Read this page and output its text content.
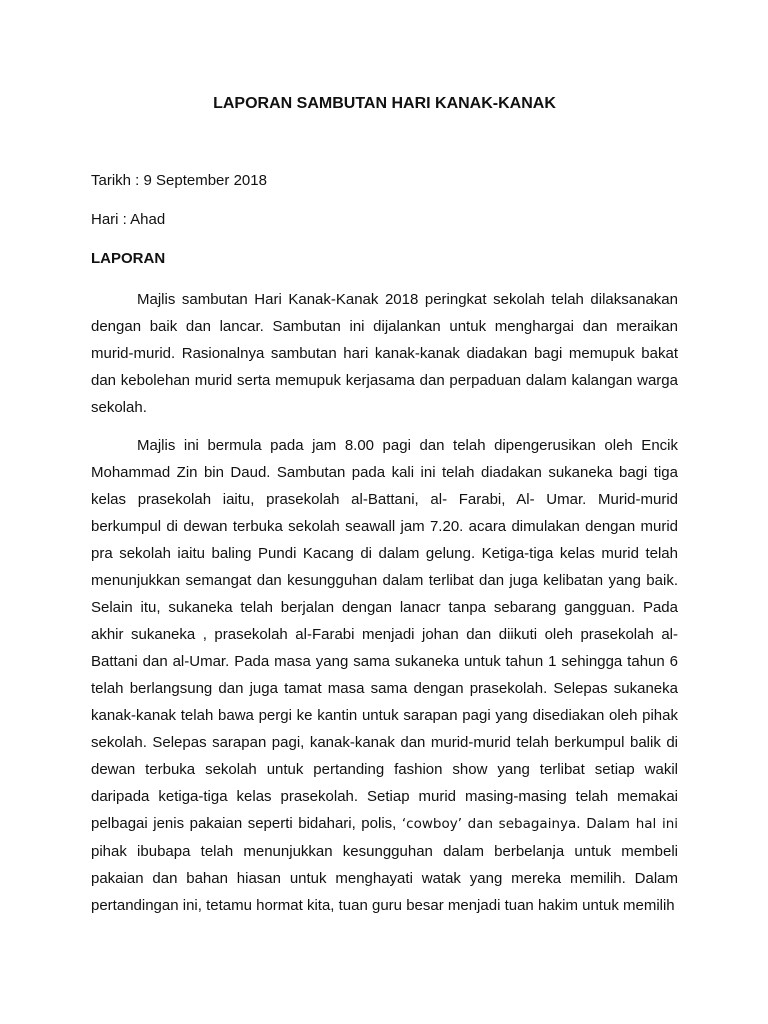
LAPORAN SAMBUTAN HARI KANAK-KANAK

Tarikh : 9 September 2018

Hari : Ahad

LAPORAN

Majlis sambutan Hari Kanak-Kanak 2018 peringkat sekolah telah dilaksanakan dengan baik dan lancar. Sambutan ini dijalankan untuk menghargai dan meraikan murid-murid. Rasionalnya sambutan hari kanak-kanak diadakan bagi memupuk bakat dan kebolehan murid serta memupuk kerjasama dan perpaduan dalam kalangan warga sekolah.

Majlis ini bermula pada jam 8.00 pagi dan telah dipengerusikan oleh Encik Mohammad Zin bin Daud. Sambutan pada kali ini telah diadakan sukaneka bagi tiga kelas prasekolah iaitu, prasekolah al-Battani, al- Farabi, Al- Umar. Murid-murid berkumpul di dewan terbuka sekolah seawall jam 7.20. acara dimulakan dengan murid pra sekolah iaitu baling Pundi Kacang di dalam gelung. Ketiga-tiga kelas murid telah menunjukkan semangat dan kesungguhan dalam terlibat dan juga kelibatan yang baik. Selain itu, sukaneka telah berjalan dengan lanacr tanpa sebarang gangguan. Pada akhir sukaneka , prasekolah al-Farabi menjadi johan dan diikuti oleh prasekolah al-Battani dan al-Umar. Pada masa yang sama sukaneka untuk tahun 1 sehingga tahun 6 telah berlangsung dan juga tamat masa sama dengan prasekolah. Selepas sukaneka kanak-kanak telah bawa pergi ke kantin untuk sarapan pagi yang disediakan oleh pihak sekolah. Selepas sarapan pagi, kanak-kanak dan murid-murid telah berkumpul balik di dewan terbuka sekolah untuk pertanding fashion show yang terlibat setiap wakil daripada ketiga-tiga kelas prasekolah. Setiap murid masing-masing telah memakai pelbagai jenis pakaian seperti bidahari, polis, ‘cowboy’ dan sebagainya. Dalam hal ini pihak ibubapa telah menunjukkan kesungguhan dalam berbelanja untuk membeli pakaian dan bahan hiasan untuk menghayati watak yang mereka memilih. Dalam pertandingan ini, tetamu hormat kita, tuan guru besar menjadi tuan hakim untuk memilih
